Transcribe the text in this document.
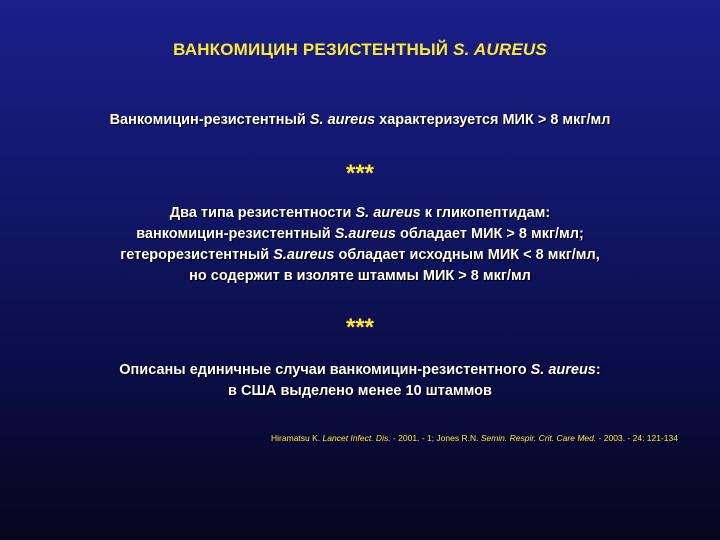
ВАНКОМИЦИН РЕЗИСТЕНТНЫЙ S. AUREUS
Ванкомицин-резистентный S. aureus характеризуется МИК > 8 мкг/мл
***
Два типа резистентности S. aureus к гликопептидам:
ванкомицин-резистентный S.aureus обладает МИК > 8 мкг/мл;
гетерорезистентный S.aureus обладает исходным МИК < 8 мкг/мл,
но содержит в изоляте штаммы МИК > 8 мкг/мл
***
Описаны единичные случаи ванкомицин-резистентного S. aureus:
в США выделено менее 10 штаммов
Hiramatsu K. Lancet Infect. Dis. - 2001. - 1; Jones R.N. Semin. Respir. Crit. Care Med. - 2003. - 24: 121-134
